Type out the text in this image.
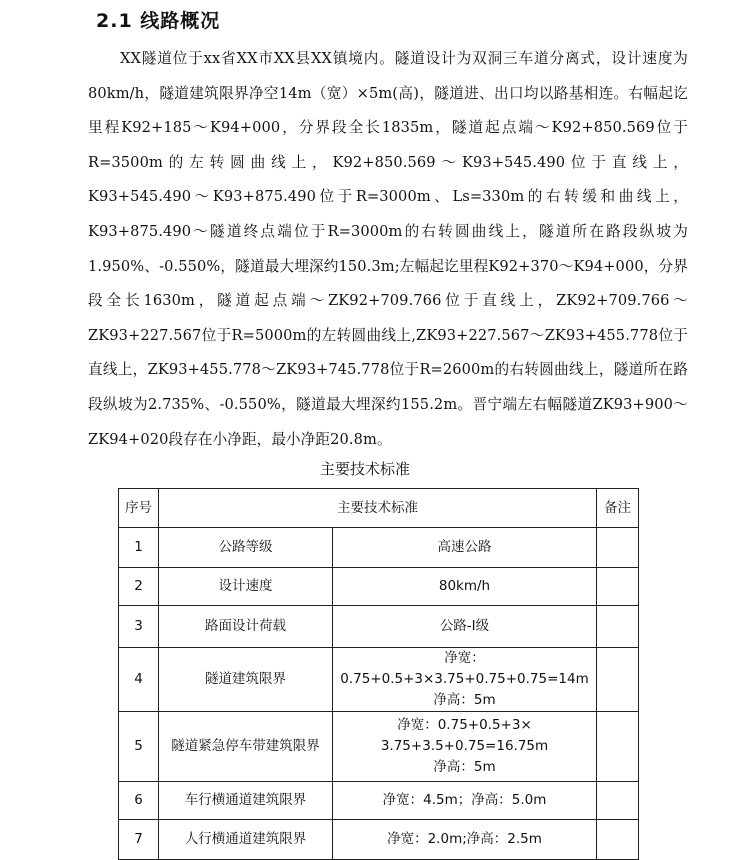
2.1 线路概况
XX隧道位于xx省XX市XX县XX镇境内。隧道设计为双洞三车道分离式，设计速度为80km/h，隧道建筑限界净空14m（宽）×5m(高)，隧道进、出口均以路基相连。右幅起讫里程K92+185～K94+000，分界段全长1835m，隧道起点端～K92+850.569位于R=3500m的左转圆曲线上，K92+850.569～K93+545.490位于直线上，K93+545.490～K93+875.490位于R=3000m、Ls=330m的右转缓和曲线上，K93+875.490～隧道终点端位于R=3000m的右转圆曲线上，隧道所在路段纵坡为1.950%、-0.550%，隧道最大埋深约150.3m;左幅起讫里程K92+370～K94+000，分界段全长1630m，隧道起点端～ZK92+709.766位于直线上，ZK92+709.766～ZK93+227.567位于R=5000m的左转圆曲线上,ZK93+227.567～ZK93+455.778位于直线上，ZK93+455.778～ZK93+745.778位于R=2600m的右转圆曲线上，隧道所在路段纵坡为2.735%、-0.550%，隧道最大埋深约155.2m。晋宁端左右幅隧道ZK93+900～ZK94+020段存在小净距，最小净距20.8m。
主要技术标准
序号	主要技术标准		备注
1	公路等级	高速公路	

2	设计速度	80km/h	

3	路面设计荷载	公路-I级	

4	隧道建筑限界	净宽：0.75+0.5+3×3.75+0.75+0.75=14m
净高：5m	

5	隧道紧急停车带建筑限界	净宽：0.75+0.5+3×
3.75+3.5+0.75=16.75m
净高：5m	

6	车行横通道建筑限界	净宽：4.5m；净高：5.0m	

7	人行横通道建筑限界	净宽：2.0m;净高：2.5m	
